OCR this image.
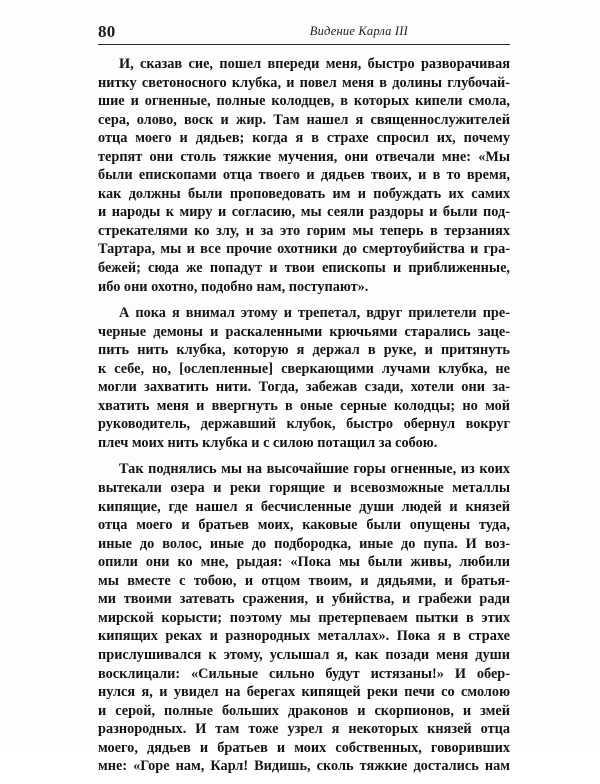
80	Видение Карла III
И, сказав сие, пошел впереди меня, быстро разворачивая
нитку светоносного клубка, и повел меня в долины глубочай-
шие и огненные, полные колодцев, в которых кипели смола,
сера, олово, воск и жир. Там нашел я священнослужителей
отца моего и дядьев; когда я в страхе спросил их, почему
терпят они столь тяжкие мучения, они отвечали мне: «Мы
были епископами отца твоего и дядьев твоих, и в то время,
как должны были проповедовать им и побуждать их самих
и народы к миру и согласию, мы сеяли раздоры и были под-
стрекателями ко злу, и за это горим мы теперь в терзаниях
Тартара, мы и все прочие охотники до смертоубийства и гра-
бежей; сюда же попадут и твои епископы и приближенные,
ибо они охотно, подобно нам, поступают».
А пока я внимал этому и трепетал, вдруг прилетели пре-
черные демоны и раскаленными крючьями старались заце-
пить нить клубка, которую я держал в руке, и притянуть
к себе, но, [ослепленные] сверкающими лучами клубка, не
могли захватить нити. Тогда, забежав сзади, хотели они за-
хватить меня и ввергнуть в оные серные колодцы; но мой
руководитель, державший клубок, быстро обернул вокруг
плеч моих нить клубка и с силою потащил за собою.
Так поднялись мы на высочайшие горы огненные, из коих
вытекали озера и реки горящие и всевозможные металлы
кипящие, где нашел я бесчисленные души людей и князей
отца моего и братьев моих, каковые были опущены туда,
иные до волос, иные до подбородка, иные до пупа. И воз-
опили они ко мне, рыдая: «Пока мы были живы, любили
мы вместе с тобою, и отцом твоим, и дядьями, и братья-
ми твоими затевать сражения, и убийства, и грабежи ради
мирской корысти; поэтому мы претерпеваем пытки в этих
кипящих реках и разнородных металлах». Пока я в страхе
прислушивался к этому, услышал я, как позади меня души
восклицали: «Сильные сильно будут истязаны!» И обер-
нулся я, и увидел на берегах кипящей реки печи со смолою
и серой, полные больших драконов и скорпионов, и змей
разнородных. И там тоже узрел я некоторых князей отца
моего, дядьев и братьев и моих собственных, говоривших
мне: «Горе нам, Карл! Видишь, сколь тяжкие достались нам
